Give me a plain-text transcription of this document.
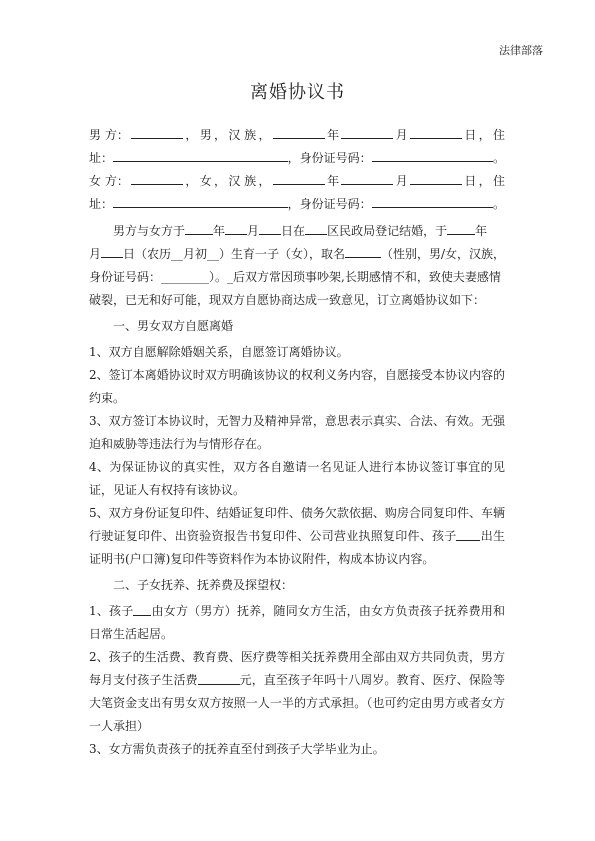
法律部落
离婚协议书
男 方：	， 男 ， 汉 族 ，	年	月	日 ， 住
址：	，身份证号码：	。
女 方：	， 女 ， 汉 族 ，	年	月	日 ， 住
址：	，身份证号码：	。
男方与女方于 年 月 日在 区民政局登记结婚，于 年
月 日（农历__月初__）生育一子（女），取名	（性别，男/女，汉族，

身份证号码：________）。_后双方常因琐事吵架,长期感情不和，致使夫妻感情

破裂，已无和好可能，现双方自愿协商达成一致意见，订立离婚协议如下：

一、男女双方自愿离婚

1、双方自愿解除婚姻关系，自愿签订离婚协议。

2、签订本离婚协议时双方明确该协议的权利义务内容，自愿接受本协议内容的约束。

3、双方签订本协议时，无智力及精神异常，意思表示真实、合法、有效。无强迫和威胁等违法行为与情形存在。

4、为保证协议的真实性，双方各自邀请一名见证人进行本协议签订事宜的见证，见证人有权持有该协议。

5、双方身份证复印件、结婚证复印件、债务欠款依据、购房合同复印件、车辆行驶证复印件、出资验资报告书复印件、公司营业执照复印件、孩子 出生证明书(户口簿)复印件等资料作为本协议附件，构成本协议内容。

二、子女抚养、抚养费及探望权：

1、孩子 由女方（男方）抚养，随同女方生活，由女方负责孩子抚养费用和日常生活起居。

2、孩子的生活费、教育费、医疗费等相关抚养费用全部由双方共同负责，男方每月支付孩子生活费	元，直至孩子年吗十八周岁。教育、医疗、保险等大笔资金支出有男女双方按照一人一半的方式承担。（也可约定由男方或者女方一人承担）

3、女方需负责孩子的抚养直至付到孩子大学毕业为止。
